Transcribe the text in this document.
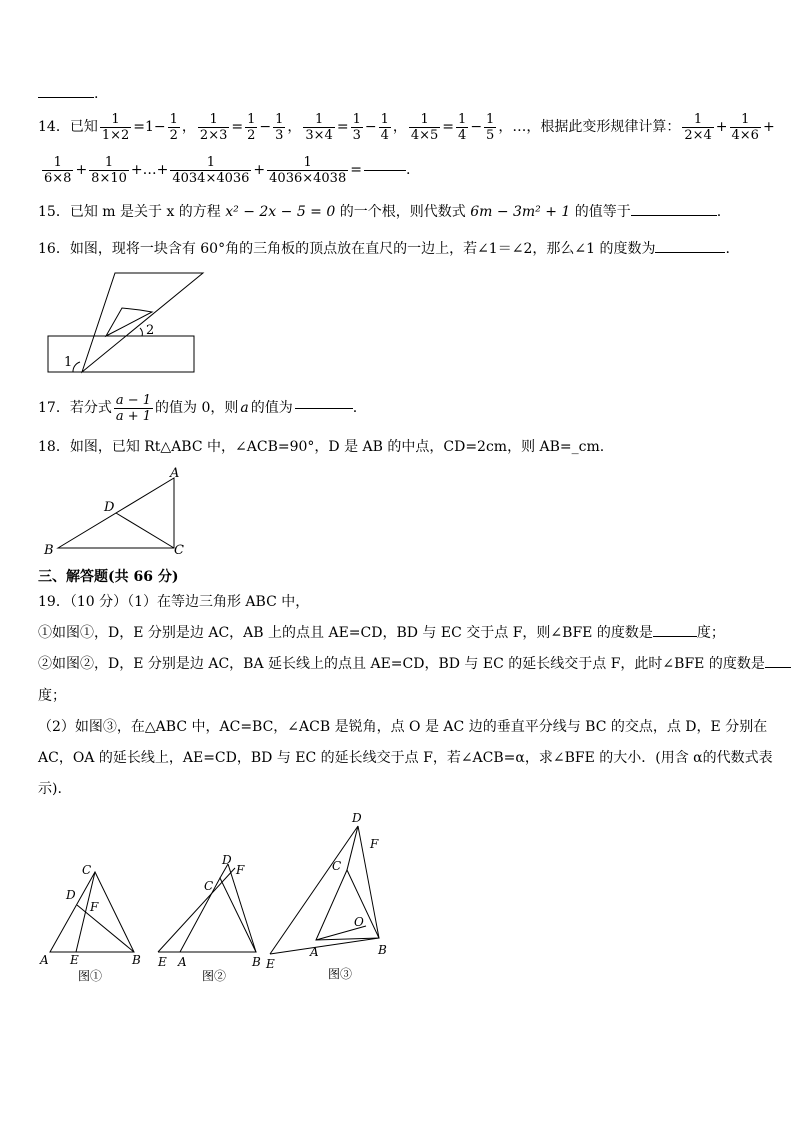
.
14．已知 $\frac{1}{1\times 2} =1- \frac{1}{2}$ ， $\frac{1}{2\times 3} = \frac{1}{2} - \frac{1}{3}$ ， $\frac{1}{3\times 4} = \frac{1}{3} - \frac{1}{4}$ ， $\frac{1}{4\times 5} = \frac{1}{4} - \frac{1}{5}$ ，…，根据此变形规律计算： $\frac{1}{2\times 4} + \frac{1}{4\times 6}$ +
$\frac{1}{6\times 8} + \frac{1}{8\times 10}$ +…+ $\frac{1}{4034\times 4036} + \frac{1}{4036\times 4038}$ =	.
15．已知 m 是关于 x 的方程 x² − 2x − 5 = 0 的一个根，则代数式 6m − 3m² + 1 的值等于	.
16．如图，现将一块含有 60°角的三角板的顶点放在直尺的一边上，若∠1＝∠2，那么∠1 的度数为	.
1
2
17．若分式 $\frac{a - 1}{a + 1}$ 的值为 0，则 a 的值为	.
18．如图，已知 Rt△ABC 中，∠ACB=90°，D 是 AB 的中点，CD=2cm，则 AB=_cm.
A
B	C
D
三、解答题(共 66 分)
19．（10 分）（1）在等边三角形 ABC 中，
①如图①，D，E 分别是边 AC，AB 上的点且 AE=CD，BD 与 EC 交于点 F，则∠BFE 的度数是	度；
②如图②，D，E 分别是边 AC，BA 延长线上的点且 AE=CD，BD 与 EC 的延长线交于点 F，此时∠BFE 的度数是
度；
（2）如图③，在△ABC 中，AC=BC，∠ACB 是锐角，点 O 是 AC 边的垂直平分线与 BC 的交点，点 D，E 分别在
AC，OA 的延长线上，AE=CD，BD 与 EC 的延长线交于点 F，若∠ACB=α，求∠BFE 的大小．(用含 α的代数式表
示).
C
D
F
A E	B
图①
C
D
F
E A	B
图②
C
D
F
O
A
E
B
图③
